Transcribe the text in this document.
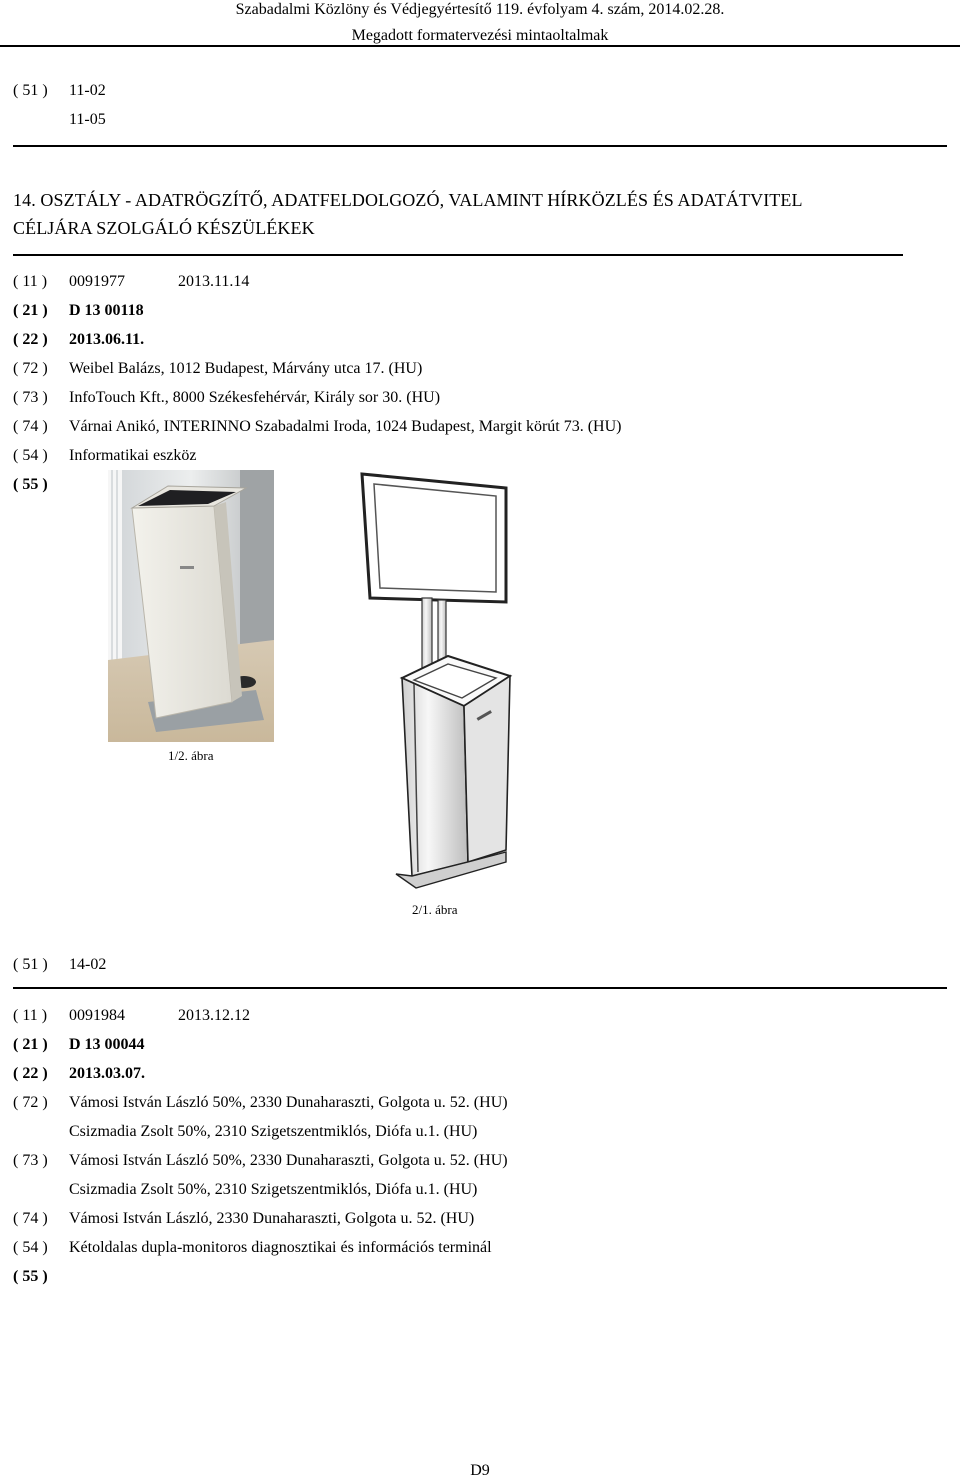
Szabadalmi Közlöny és Védjegyértesítő 119. évfolyam 4. szám, 2014.02.28.
Megadott formatervezési mintaoltalmak
( 51 ) 11-02
11-05
14. OSZTÁLY - ADATRÖGZÍTŐ, ADATFELDOLGOZÓ, VALAMINT HÍRKÖZLÉS ÉS ADATÁTVITEL
CÉLJÁRA SZOLGÁLÓ KÉSZÜLÉKEK
( 11 ) 0091977	2013.11.14
( 21 ) D 13 00118
( 22 ) 2013.06.11.
( 72 ) Weibel Balázs, 1012 Budapest, Márvány utca 17. (HU)
( 73 ) InfoTouch Kft., 8000 Székesfehérvár, Király sor 30. (HU)
( 74 ) Várnai Anikó, INTERINNO Szabadalmi Iroda, 1024 Budapest, Margit körút 73. (HU)
( 54 ) Informatikai eszköz
( 55 )
1/2. ábra
2/1. ábra
( 51 ) 14-02
( 11 ) 0091984	2013.12.12
( 21 ) D 13 00044
( 22 ) 2013.03.07.
( 72 ) Vámosi István László 50%, 2330 Dunaharaszti, Golgota u. 52. (HU)
Csizmadia Zsolt 50%, 2310 Szigetszentmiklós, Diófa u.1. (HU)
( 73 ) Vámosi István László 50%, 2330 Dunaharaszti, Golgota u. 52. (HU)
Csizmadia Zsolt 50%, 2310 Szigetszentmiklós, Diófa u.1. (HU)
( 74 ) Vámosi István László, 2330 Dunaharaszti, Golgota u. 52. (HU)
( 54 ) Kétoldalas dupla-monitoros diagnosztikai és információs terminál
( 55 )
D9
